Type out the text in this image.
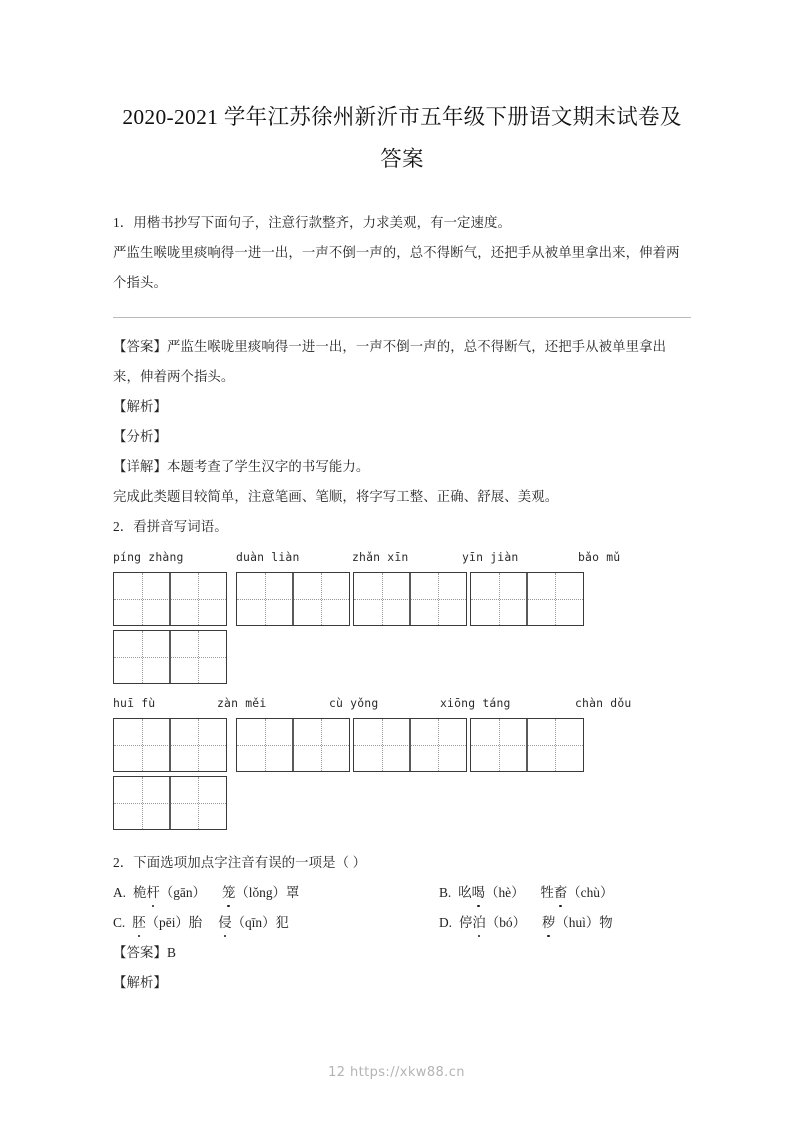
2020-2021 学年江苏徐州新沂市五年级下册语文期末试卷及答案
1．用楷书抄写下面句子，注意行款整齐，力求美观，有一定速度。
严监生喉咙里痰响得一进一出，一声不倒一声的，总不得断气，还把手从被单里拿出来，伸着两个指头。
【答案】严监生喉咙里痰响得一进一出，一声不倒一声的，总不得断气，还把手从被单里拿出来，伸着两个指头。
【解析】
【分析】
【详解】本题考查了学生汉字的书写能力。
完成此类题目较简单，注意笔画、笔顺，将字写工整、正确、舒展、美观。
2．看拼音写词语。
píng zhàng	duàn liàn	zhǎn xīn	yīn jiàn	bǎo mǔ
huī fù	zàn měi	cù yǒng	xiōng táng	chàn dǒu
2．下面选项加点字注音有误的一项是（ ）
A. 桅杆（gān） 笼（lǒng）罩	B. 吆喝（hè） 牲畜（chù）
C. 胚（pēi）胎 侵（qīn）犯	D. 停泊（bó） 秽（huì）物
【答案】B
【解析】
12 https://xkw88.cn
